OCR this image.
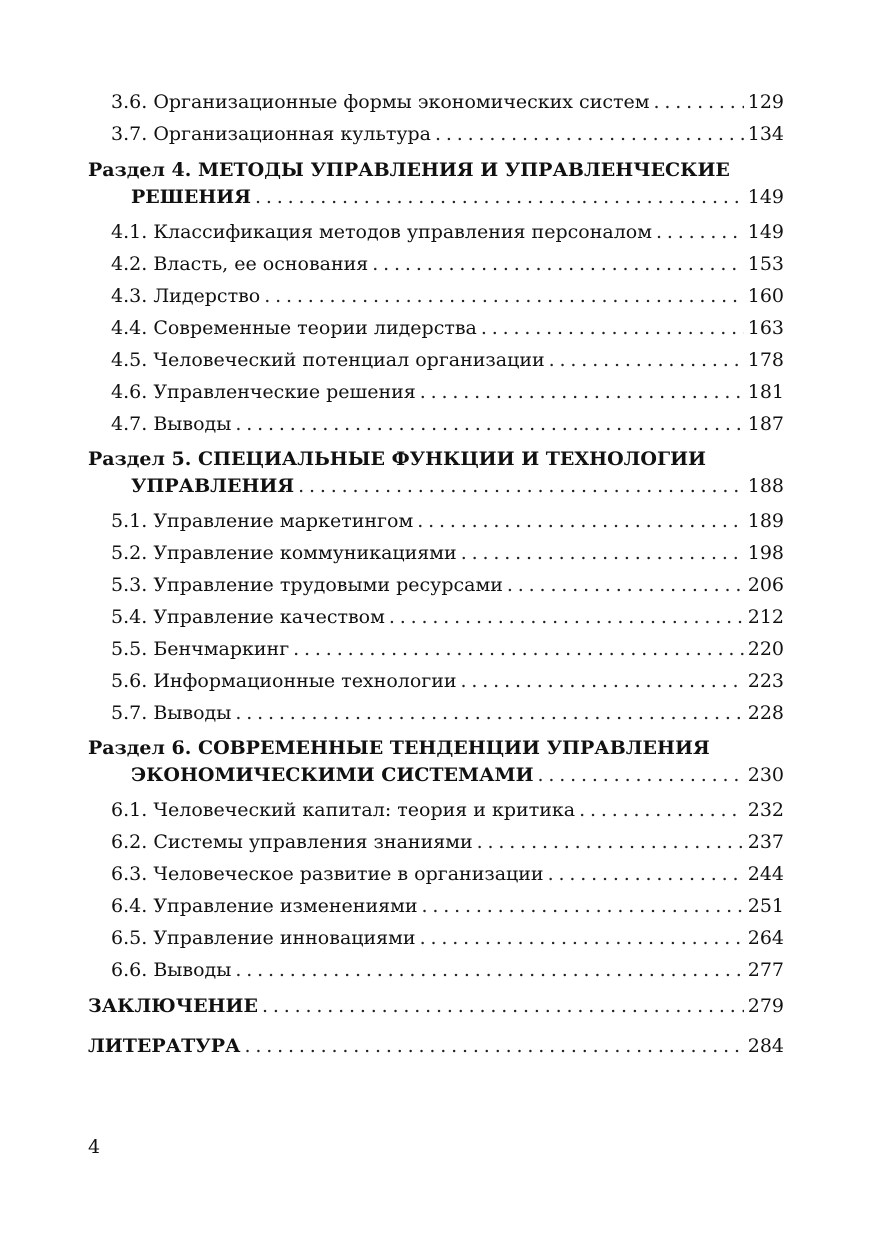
3.6. Организационные формы экономических систем . . .	129
3.7. Организационная культура . . .	134
Раздел 4. МЕТОДЫ УПРАВЛЕНИЯ И УПРАВЛЕНЧЕСКИЕ
РЕШЕНИЯ . . .	149
4.1. Классификация методов управления персоналом . . .	149
4.2. Власть, ее основания . . .	153
4.3. Лидерство . . .	160
4.4. Современные теории лидерства . . .	163
4.5. Человеческий потенциал организации . . .	178
4.6. Управленческие решения . . .	181
4.7. Выводы . . .	187
Раздел 5. СПЕЦИАЛЬНЫЕ ФУНКЦИИ И ТЕХНОЛОГИИ
УПРАВЛЕНИЯ . . .	188
5.1. Управление маркетингом . . .	189
5.2. Управление коммуникациями . . .	198
5.3. Управление трудовыми ресурсами . . .	206
5.4. Управление качеством . . .	212
5.5. Бенчмаркинг . . .	220
5.6. Информационные технологии . . .	223
5.7. Выводы . . .	228
Раздел 6. СОВРЕМЕННЫЕ ТЕНДЕНЦИИ УПРАВЛЕНИЯ
ЭКОНОМИЧЕСКИМИ СИСТЕМАМИ . . .	230
6.1. Человеческий капитал: теория и критика . . .	232
6.2. Системы управления знаниями . . .	237
6.3. Человеческое развитие в организации . . .	244
6.4. Управление изменениями . . .	251
6.5. Управление инновациями . . .	264
6.6. Выводы . . .	277
ЗАКЛЮЧЕНИЕ . . .	279
ЛИТЕРАТУРА . . .	284
4
